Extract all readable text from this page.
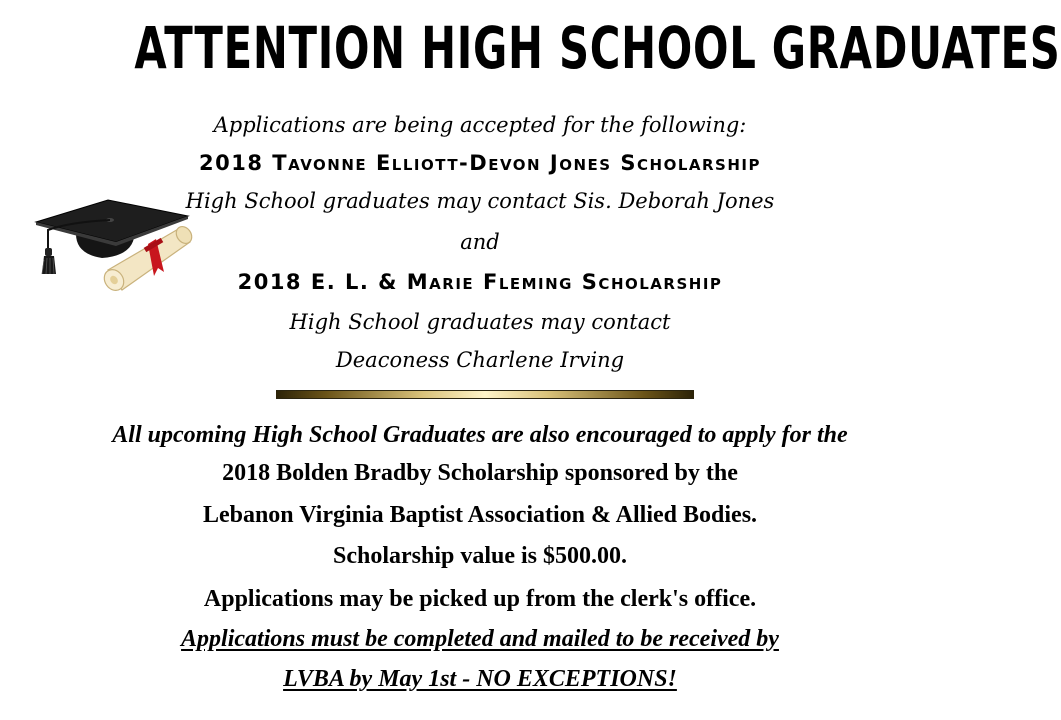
ATTENTION HIGH SCHOOL GRADUATES
Applications are being accepted for the following:
2018 Tavonne Elliott-Devon Jones Scholarship
High School graduates may contact Sis. Deborah Jones
and
2018 E. L. & Marie Fleming Scholarship
High School graduates may contact
Deaconess Charlene Irving
All upcoming High School Graduates are also encouraged to apply for the
2018 Bolden Bradby Scholarship sponsored by the
Lebanon Virginia Baptist Association & Allied Bodies.
Scholarship value is $500.00.
Applications may be picked up from the clerk's office.
Applications must be completed and mailed to be received by
LVBA by May 1st - NO EXCEPTIONS!
